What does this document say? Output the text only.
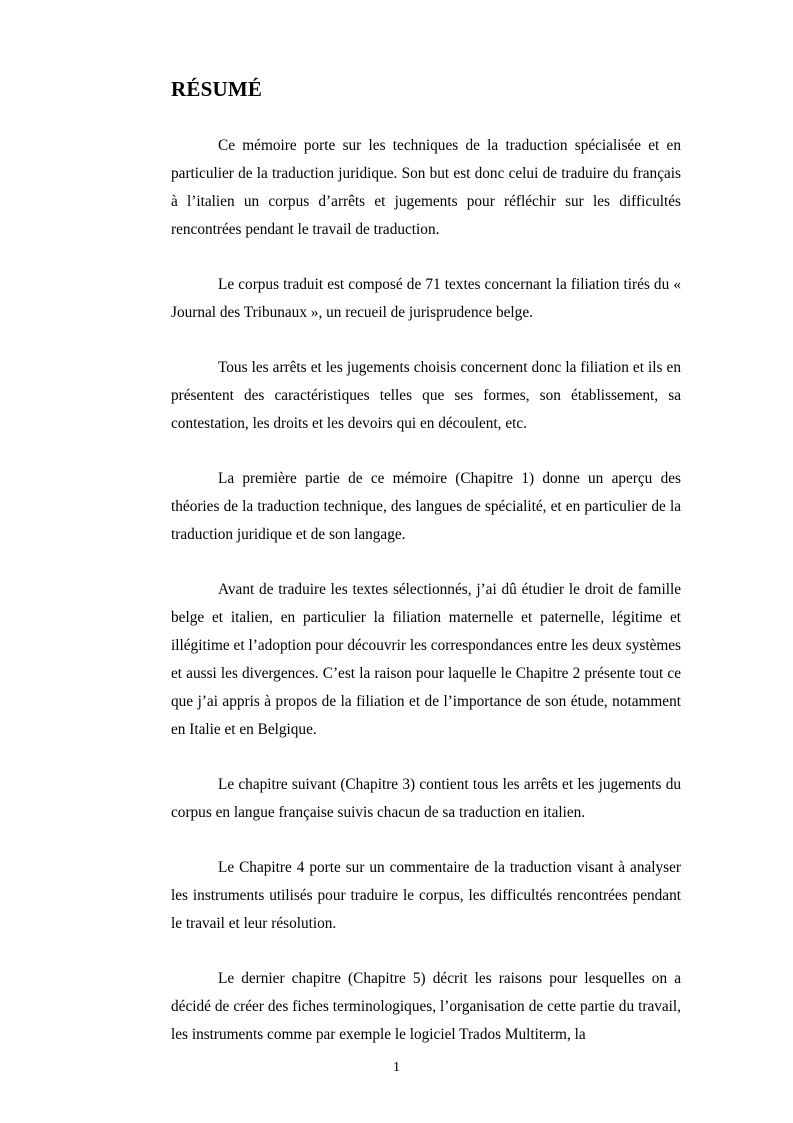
RÉSUMÉ

Ce mémoire porte sur les techniques de la traduction spécialisée et en particulier de la traduction juridique. Son but est donc celui de traduire du français à l’italien un corpus d’arrêts et jugements pour réfléchir sur les difficultés rencontrées pendant le travail de traduction.

Le corpus traduit est composé de 71 textes concernant la filiation tirés du « Journal des Tribunaux », un recueil de jurisprudence belge.

Tous les arrêts et les jugements choisis concernent donc la filiation et ils en présentent des caractéristiques telles que ses formes, son établissement, sa contestation, les droits et les devoirs qui en découlent, etc.

La première partie de ce mémoire (Chapitre 1) donne un aperçu des théories de la traduction technique, des langues de spécialité, et en particulier de la traduction juridique et de son langage.

Avant de traduire les textes sélectionnés, j’ai dû étudier le droit de famille belge et italien, en particulier la filiation maternelle et paternelle, légitime et illégitime et l’adoption pour découvrir les correspondances entre les deux systèmes et aussi les divergences. C’est la raison pour laquelle le Chapitre 2 présente tout ce que j’ai appris à propos de la filiation et de l’importance de son étude, notamment en Italie et en Belgique.

Le chapitre suivant (Chapitre 3) contient tous les arrêts et les jugements du corpus en langue française suivis chacun de sa traduction en italien.

Le Chapitre 4 porte sur un commentaire de la traduction visant à analyser les instruments utilisés pour traduire le corpus, les difficultés rencontrées pendant le travail et leur résolution.

Le dernier chapitre (Chapitre 5) décrit les raisons pour lesquelles on a décidé de créer des fiches terminologiques, l’organisation de cette partie du travail, les instruments comme par exemple le logiciel Trados Multiterm, la

1
